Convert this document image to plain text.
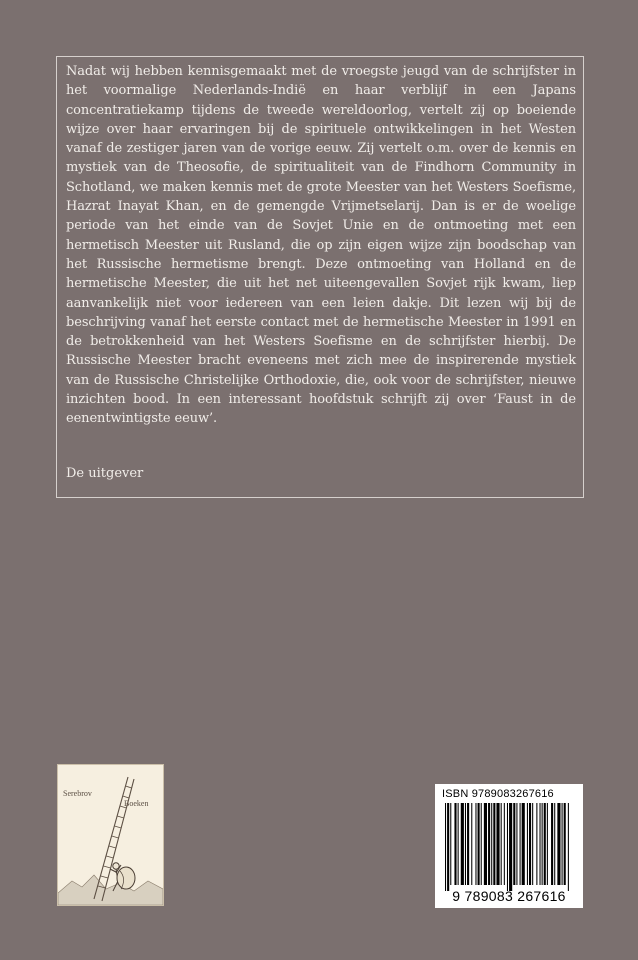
Nadat wij hebben kennisgemaakt met de vroegste jeugd van de schrijfster in het voormalige Nederlands-Indië en haar verblijf in een Japans concentratiekamp tijdens de tweede wereldoorlog, vertelt zij op boeiende wijze over haar ervaringen bij de spirituele ontwikkelingen in het Westen vanaf de zestiger jaren van de vorige eeuw. Zij vertelt o.m. over de kennis en mystiek van de Theosofie, de spiritualiteit van de Findhorn Community in Schotland, we maken kennis met de grote Meester van het Westers Soefisme, Hazrat Inayat Khan, en de gemengde Vrijmetselarij. Dan is er de woelige periode van het einde van de Sovjet Unie en de ontmoeting met een hermetisch Meester uit Rusland, die op zijn eigen wijze zijn boodschap van het Russische hermetisme brengt. Deze ontmoeting van Holland en de hermetische Meester, die uit het net uiteengevallen Sovjet rijk kwam, liep aanvankelijk niet voor iedereen van een leien dakje. Dit lezen wij bij de beschrijving vanaf het eerste contact met de hermetische Meester in 1991 en de betrokkenheid van het Westers Soefisme en de schrijfster hierbij. De Russische Meester bracht eveneens met zich mee de inspirerende mystiek van de Russische Christelijke Orthodoxie, die, ook voor de schrijfster, nieuwe inzichten bood. In een interessant hoofdstuk schrijft zij over ‘Faust in de eenentwintigste eeuw’.

De uitgever
Serebrov
Boeken
ISBN 9789083267616
9 789083 267616
